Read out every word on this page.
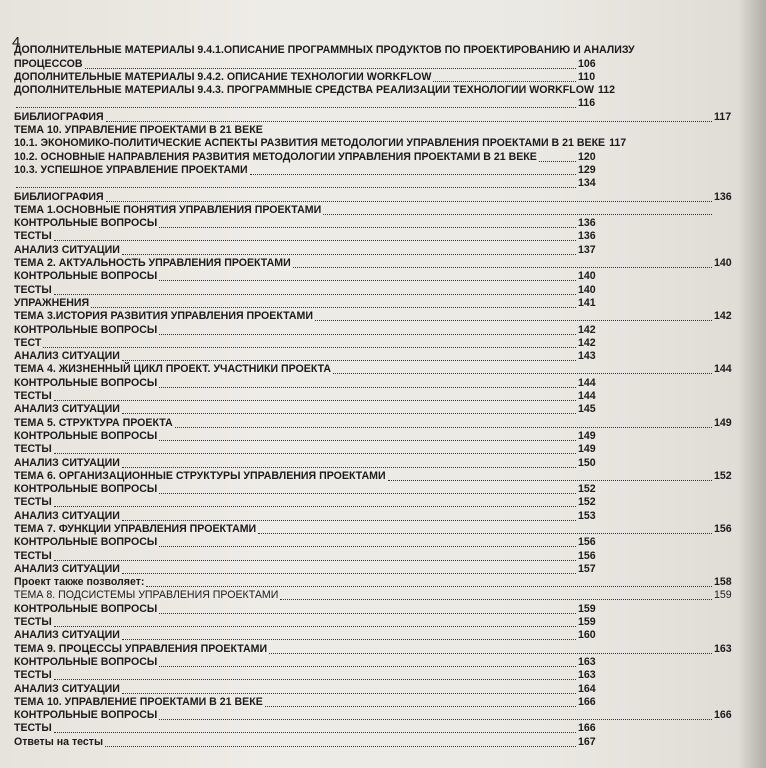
4
ДОПОЛНИТЕЛЬНЫЕ МАТЕРИАЛЫ 9.4.1.ОПИСАНИЕ ПРОГРАММНЫХ ПРОДУКТОВ ПО ПРОЕКТИРОВАНИЮ И АНАЛИЗУ
ПРОЦЕССОВ	106
ДОПОЛНИТЕЛЬНЫЕ МАТЕРИАЛЫ 9.4.2. ОПИСАНИЕ ТЕХНОЛОГИИ WORKFLOW	110
ДОПОЛНИТЕЛЬНЫЕ МАТЕРИАЛЫ 9.4.3. ПРОГРАММНЫЕ СРЕДСТВА РЕАЛИЗАЦИИ ТЕХНОЛОГИИ WORKFLOW 112
116
БИБЛИОГРАФИЯ	117
ТЕМА 10. УПРАВЛЕНИЕ ПРОЕКТАМИ В 21 ВЕКЕ
10.1. ЭКОНОМИКО-ПОЛИТИЧЕСКИЕ АСПЕКТЫ РАЗВИТИЯ МЕТОДОЛОГИИ УПРАВЛЕНИЯ ПРОЕКТАМИ В 21 ВЕКЕ 117
10.2. ОСНОВНЫЕ НАПРАВЛЕНИЯ РАЗВИТИЯ МЕТОДОЛОГИИ УПРАВЛЕНИЯ ПРОЕКТАМИ В 21 ВЕКЕ	120
10.3. УСПЕШНОЕ УПРАВЛЕНИЕ ПРОЕКТАМИ	129
134
БИБЛИОГРАФИЯ	136
ТЕМА 1.ОСНОВНЫЕ ПОНЯТИЯ УПРАВЛЕНИЯ ПРОЕКТАМИ
КОНТРОЛЬНЫЕ ВОПРОСЫ	136
ТЕСТЫ	136
АНАЛИЗ СИТУАЦИИ	137
ТЕМА 2. АКТУАЛЬНОСТЬ УПРАВЛЕНИЯ ПРОЕКТАМИ	140
КОНТРОЛЬНЫЕ ВОПРОСЫ	140
ТЕСТЫ	140
УПРАЖНЕНИЯ	141
ТЕМА 3.ИСТОРИЯ РАЗВИТИЯ УПРАВЛЕНИЯ ПРОЕКТАМИ	142
КОНТРОЛЬНЫЕ ВОПРОСЫ	142
ТЕСТ	142
АНАЛИЗ СИТУАЦИИ	143
ТЕМА 4. ЖИЗНЕННЫЙ ЦИКЛ ПРОЕКТ. УЧАСТНИКИ ПРОЕКТА	144
КОНТРОЛЬНЫЕ ВОПРОСЫ	144
ТЕСТЫ	144
АНАЛИЗ СИТУАЦИИ	145
ТЕМА 5. СТРУКТУРА ПРОЕКТА	149
КОНТРОЛЬНЫЕ ВОПРОСЫ	149
ТЕСТЫ	149
АНАЛИЗ СИТУАЦИИ	150
ТЕМА 6. ОРГАНИЗАЦИОННЫЕ СТРУКТУРЫ УПРАВЛЕНИЯ ПРОЕКТАМИ	152
КОНТРОЛЬНЫЕ ВОПРОСЫ	152
ТЕСТЫ	152
АНАЛИЗ СИТУАЦИИ	153
ТЕМА 7. ФУНКЦИИ УПРАВЛЕНИЯ ПРОЕКТАМИ	156
КОНТРОЛЬНЫЕ ВОПРОСЫ	156
ТЕСТЫ	156
АНАЛИЗ СИТУАЦИИ	157
Проект также позволяет:	158
ТЕМА 8. ПОДСИСТЕМЫ УПРАВЛЕНИЯ ПРОЕКТАМИ	159
КОНТРОЛЬНЫЕ ВОПРОСЫ	159
ТЕСТЫ	159
АНАЛИЗ СИТУАЦИИ	160
ТЕМА 9. ПРОЦЕССЫ УПРАВЛЕНИЯ ПРОЕКТАМИ	163
КОНТРОЛЬНЫЕ ВОПРОСЫ	163
ТЕСТЫ	163
АНАЛИЗ СИТУАЦИИ	164
ТЕМА 10. УПРАВЛЕНИЕ ПРОЕКТАМИ В 21 ВЕКЕ	166
КОНТРОЛЬНЫЕ ВОПРОСЫ	166
ТЕСТЫ	166
Ответы на тесты	167
